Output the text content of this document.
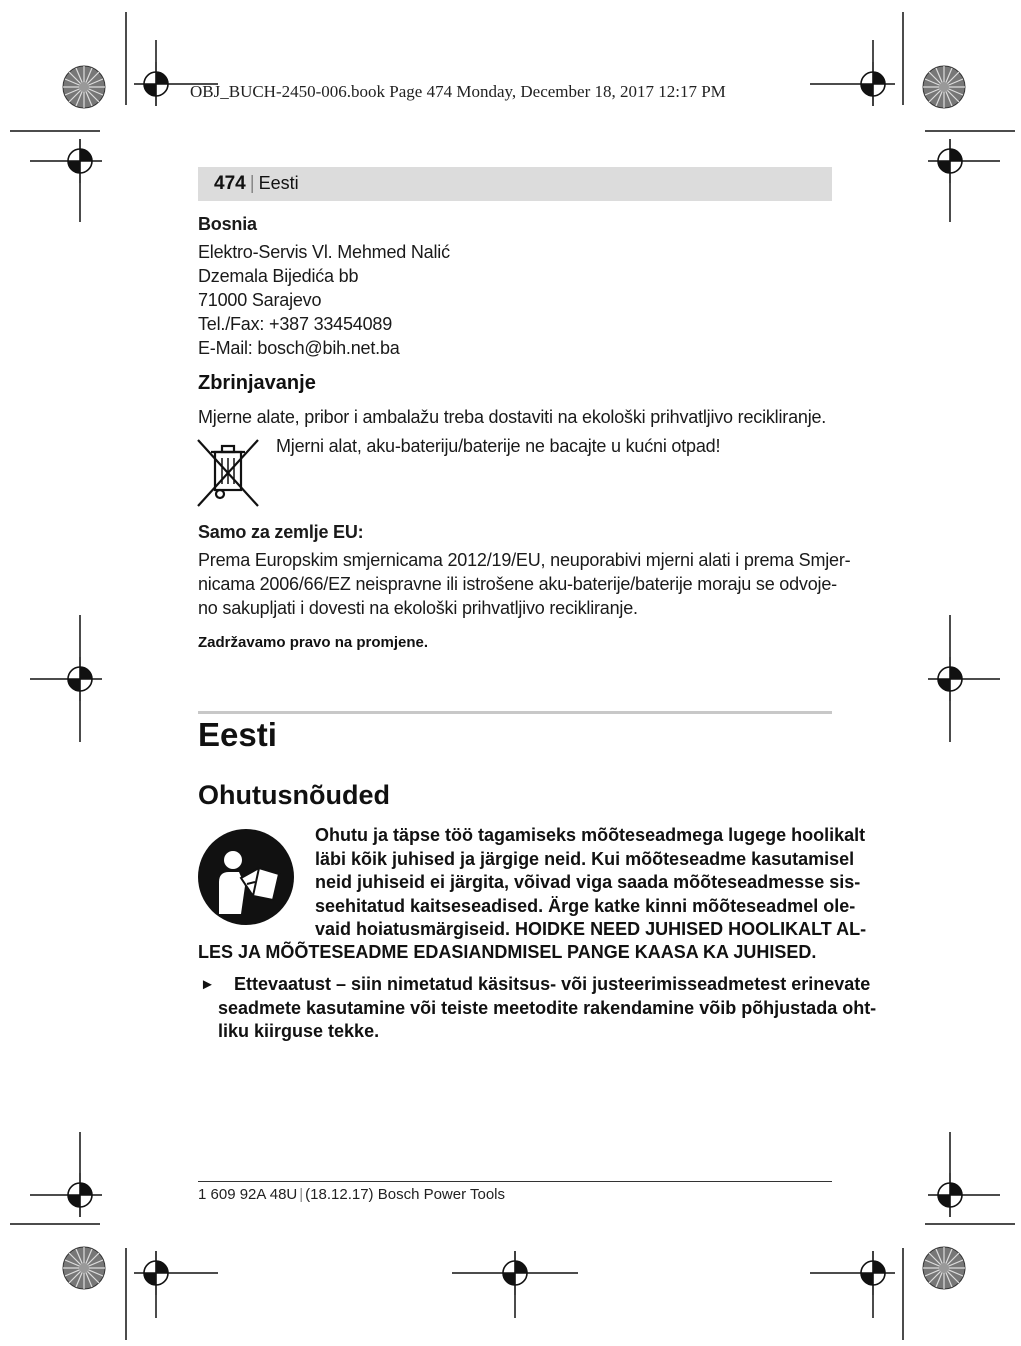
OBJ_BUCH-2450-006.book Page 474 Monday, December 18, 2017 12:17 PM
474 | Eesti
Bosnia
Elektro-Servis Vl. Mehmed Nalić
Dzemala Bijedića bb
71000 Sarajevo
Tel./Fax: +387 33454089
E-Mail: bosch@bih.net.ba
Zbrinjavanje
Mjerne alate, pribor i ambalažu treba dostaviti na ekološki prihvatljivo recikliranje.
Mjerni alat, aku-bateriju/baterije ne bacajte u kućni otpad!
Samo za zemlje EU:
Prema Europskim smjernicama 2012/19/EU, neuporabivi mjerni alati i prema Smjer-
nicama 2006/66/EZ neispravne ili istrošene aku-baterije/baterije moraju se odvoje-
no sakupljati i dovesti na ekološki prihvatljivo recikliranje.
Zadržavamo pravo na promjene.
Eesti
Ohutusnõuded
Ohutu ja täpse töö tagamiseks mõõteseadmega lugege hoolikalt
läbi kõik juhised ja järgige neid. Kui mõõteseadme kasutamisel
neid juhiseid ei järgita, võivad viga saada mõõteseadmesse sis-
seehitatud kaitseseadised. Ärge katke kinni mõõteseadmel ole-
vaid hoiatusmärgiseid. HOIDKE NEED JUHISED HOOLIKALT AL-
LES JA MÕÕTESEADME EDASIANDMISEL PANGE KAASA KA JUHISED.
►	Ettevaatust – siin nimetatud käsitsus- või justeerimisseadmetest erinevate
seadmete kasutamine või teiste meetodite rakendamine võib põhjustada oht-
liku kiirguse tekke.
1 609 92A 48U | (18.12.17) Bosch Power Tools
